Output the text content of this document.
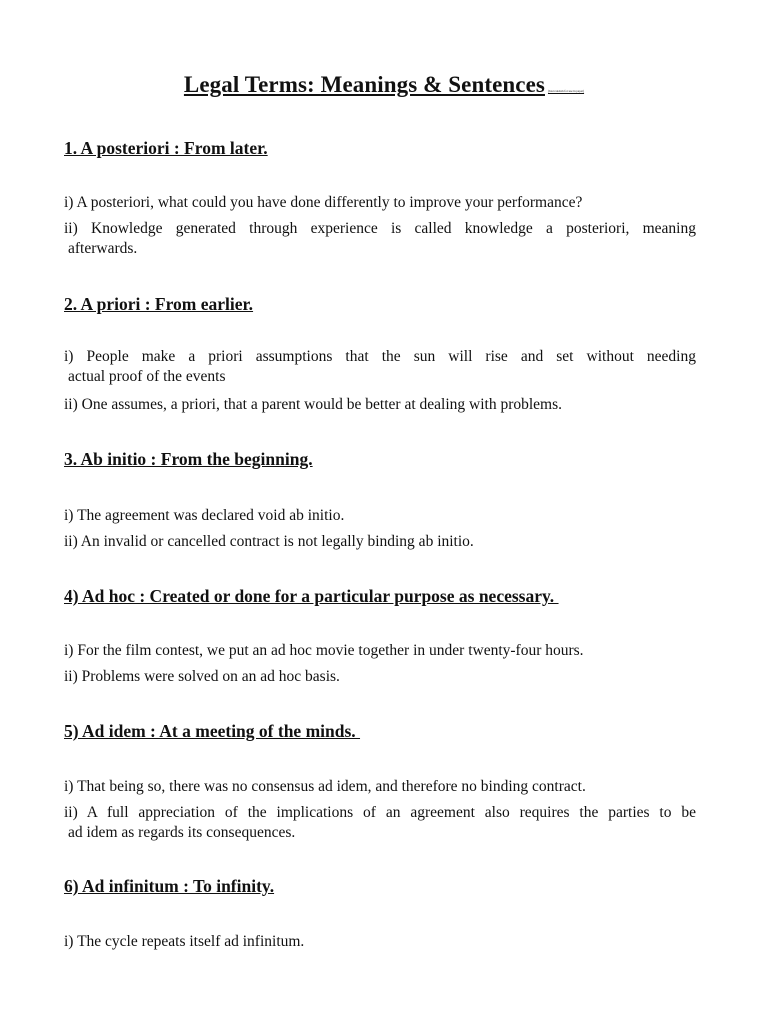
Legal Terms: Meanings & Sentences (Just random for use in paper)
1. A posteriori : From later.
i) A posteriori, what could you have done differently to improve your performance?
ii) Knowledge generated through experience is called knowledge a posteriori, meaning
afterwards.
2. A priori : From earlier.
i) People make a priori assumptions that the sun will rise and set without needing
actual proof of the events
ii) One assumes, a priori, that a parent would be better at dealing with problems.
3. Ab initio : From the beginning.
i) The agreement was declared void ab initio.
ii) An invalid or cancelled contract is not legally binding ab initio.
4) Ad hoc : Created or done for a particular purpose as necessary.
i) For the film contest, we put an ad hoc movie together in under twenty-four hours.
ii) Problems were solved on an ad hoc basis.
5) Ad idem : At a meeting of the minds.
i) That being so, there was no consensus ad idem, and therefore no binding contract.
ii) A full appreciation of the implications of an agreement also requires the parties to be
ad idem as regards its consequences.
6) Ad infinitum : To infinity.
i) The cycle repeats itself ad infinitum.
